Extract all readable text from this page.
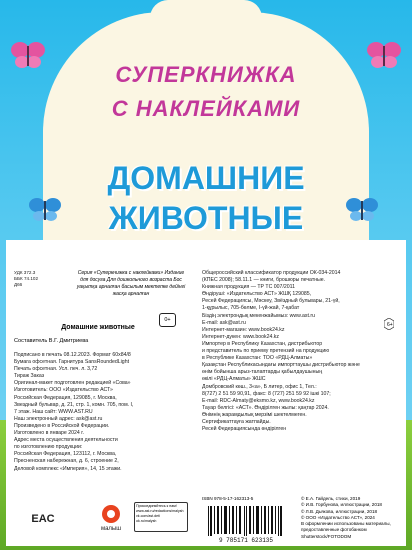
СУПЕРКНИЖКА
С НАКЛЕЙКАМИ
ДОМАШНИЕ
ЖИВОТНЫЕ
УДК 372.3
ББК 74.102
Д66
Серия «Суперкнижка с наклейками» Издание для досуга Для дошкольного возраста Бос уақытқа арналған басылым мектепке дейінгі жасқа арналған
Домашние животные
0+
Составитель В.Г. Дмитриева
Подписано в печать 08.12.2023. Формат 60х84/8
Бумага офсетная. Гарнитура SansRoundedLight
Печать офсетная. Усл. печ. л. 3,72
Тираж Заказ
Оригинал-макет подготовлен редакцией «Сова»
Изготовитель: ООО «Издательство АСТ»
Российская Федерация, 129085, г. Москва,
Звездный бульвар, д. 21, стр. 1, комн. 705, пом. I,
7 этаж. Наш сайт: WWW.AST.RU
Наш электронный адрес: ask@ast.ru
Произведено в Российской Федерации.
Изготовлено в январе 2024 г.
Адрес места осуществления деятельности
по изготовлению продукции:
Российская Федерация, 123112, г. Москва,
Пресненская набережная, д. 6, строение 2,
Деловой комплекс «Империя», 14, 15 этажи.
Общероссийский классификатор продукции ОК-034-2014
(КПЕС 2008); 58.11.1 — книги, брошюры печатные.
Книжная продукция — ТР ТС 007/2011
Өндіруші: «Издательство АСТ» ЖШҚ 129085,
Ресей Федерациясы, Мәскеу, Звёздный бульвары, 21-үй,
1-құрылыс, 705-бөлме, I-үй-жай, 7-қабат
Біздің электрондық мекенжайымыз: www.ast.ru
E-mail: ask@ast.ru
Интернет-магазин: www.book24.kz
Интернет-дүкен: www.book24.kz
Импортер в Республику Казахстан, дистрибьютор
и представитель по приему претензий на продукцию
в Республике Казахстан: ТОО «РДЦ-Алматы»
Қазақстан Республикасындағы импорттаушы дистрибьютор және
өнім бойынша арыз-талаптарды қабылдаушының
өкілі «РДЦ-Алматы» ЖШС
Домбровский көш., 3«а», Б литер, офис 1, Тел.:
8(727) 2 51 59 90,91, факс: 8 (727) 251 59 92 ішкі 107;
E-mail: RDC-Almaty@eksmo.kz, www.book24.kz
Тауар белгісі: «АСТ». Өндірілген жылы: қаңтар 2024.
Өнімнің жарамдылық мерзімі шектелмеген.
Сертификаттауға жатпайды.
Ресей Федерациясында өндірілген
6+
EAC
малыш
Присоединяйтесь к нам!
www.ast.ru/redactions/malysh
vk.com/ast.deti
ok.ru/malysh
ISBN 978-5-17-162313-5
9 785171 623135
© Е.А. Гайдель, стихи, 2019
© И.В. Горбунова, иллюстрации, 2018
© Л.В. Дьякова, иллюстрации, 2018
© ООО «Издательство АСТ», 2024
В оформлении использованы материалы,
предоставленные фотобанком
Shutterstock/FOTODOM
